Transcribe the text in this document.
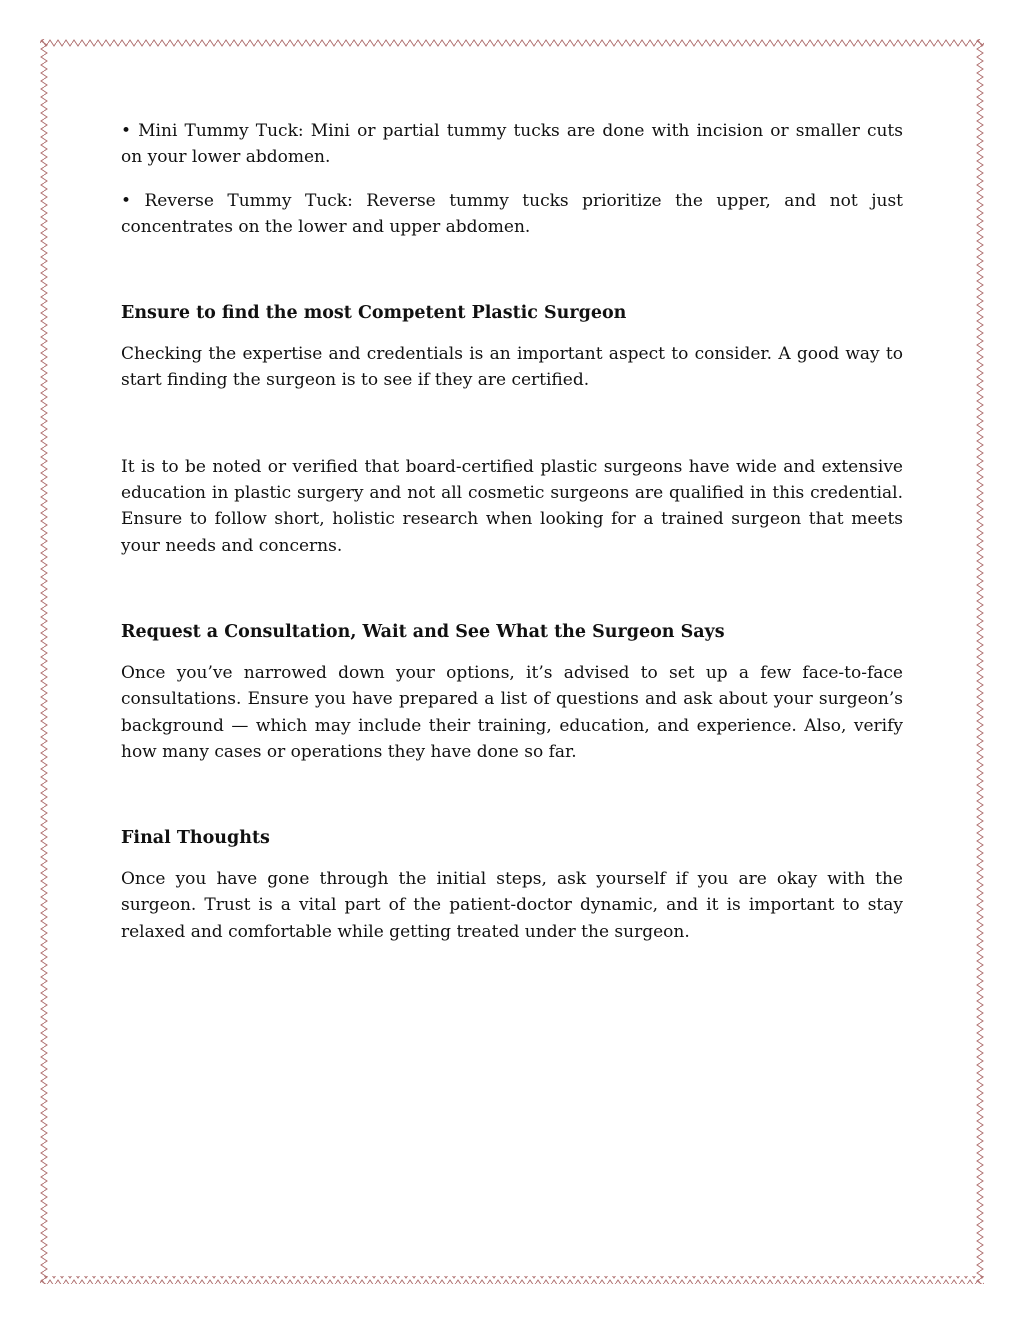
• Mini Tummy Tuck: Mini or partial tummy tucks are done with incision or smaller cuts on your lower abdomen.

• Reverse Tummy Tuck: Reverse tummy tucks prioritize the upper, and not just concentrates on the lower and upper abdomen.

Ensure to find the most Competent Plastic Surgeon

Checking the expertise and credentials is an important aspect to consider. A good way to start finding the surgeon is to see if they are certified.

It is to be noted or verified that board-certified plastic surgeons have wide and extensive education in plastic surgery and not all cosmetic surgeons are qualified in this credential. Ensure to follow short, holistic research when looking for a trained surgeon that meets your needs and concerns.

Request a Consultation, Wait and See What the Surgeon Says

Once you’ve narrowed down your options, it’s advised to set up a few face-to-face consultations. Ensure you have prepared a list of questions and ask about your surgeon’s background — which may include their training, education, and experience. Also, verify how many cases or operations they have done so far.

Final Thoughts

Once you have gone through the initial steps, ask yourself if you are okay with the surgeon. Trust is a vital part of the patient-doctor dynamic, and it is important to stay relaxed and comfortable while getting treated under the surgeon.
